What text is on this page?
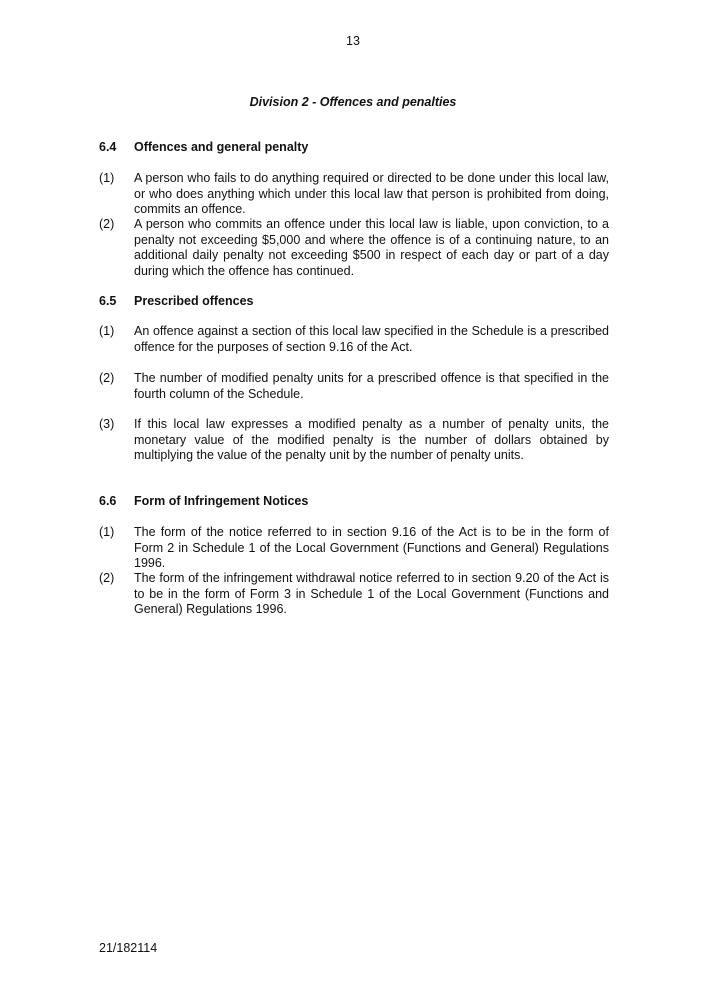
13
Division 2 - Offences and penalties
6.4 Offences and general penalty
(1) A person who fails to do anything required or directed to be done under this local law, or who does anything which under this local law that person is prohibited from doing, commits an offence.
(2) A person who commits an offence under this local law is liable, upon conviction, to a penalty not exceeding $5,000 and where the offence is of a continuing nature, to an additional daily penalty not exceeding $500 in respect of each day or part of a day during which the offence has continued.
6.5 Prescribed offences
(1) An offence against a section of this local law specified in the Schedule is a prescribed offence for the purposes of section 9.16 of the Act.
(2) The number of modified penalty units for a prescribed offence is that specified in the fourth column of the Schedule.
(3) If this local law expresses a modified penalty as a number of penalty units, the monetary value of the modified penalty is the number of dollars obtained by multiplying the value of the penalty unit by the number of penalty units.
6.6 Form of Infringement Notices
(1) The form of the notice referred to in section 9.16 of the Act is to be in the form of Form 2 in Schedule 1 of the Local Government (Functions and General) Regulations 1996.
(2) The form of the infringement withdrawal notice referred to in section 9.20 of the Act is to be in the form of Form 3 in Schedule 1 of the Local Government (Functions and General) Regulations 1996.
21/182114
